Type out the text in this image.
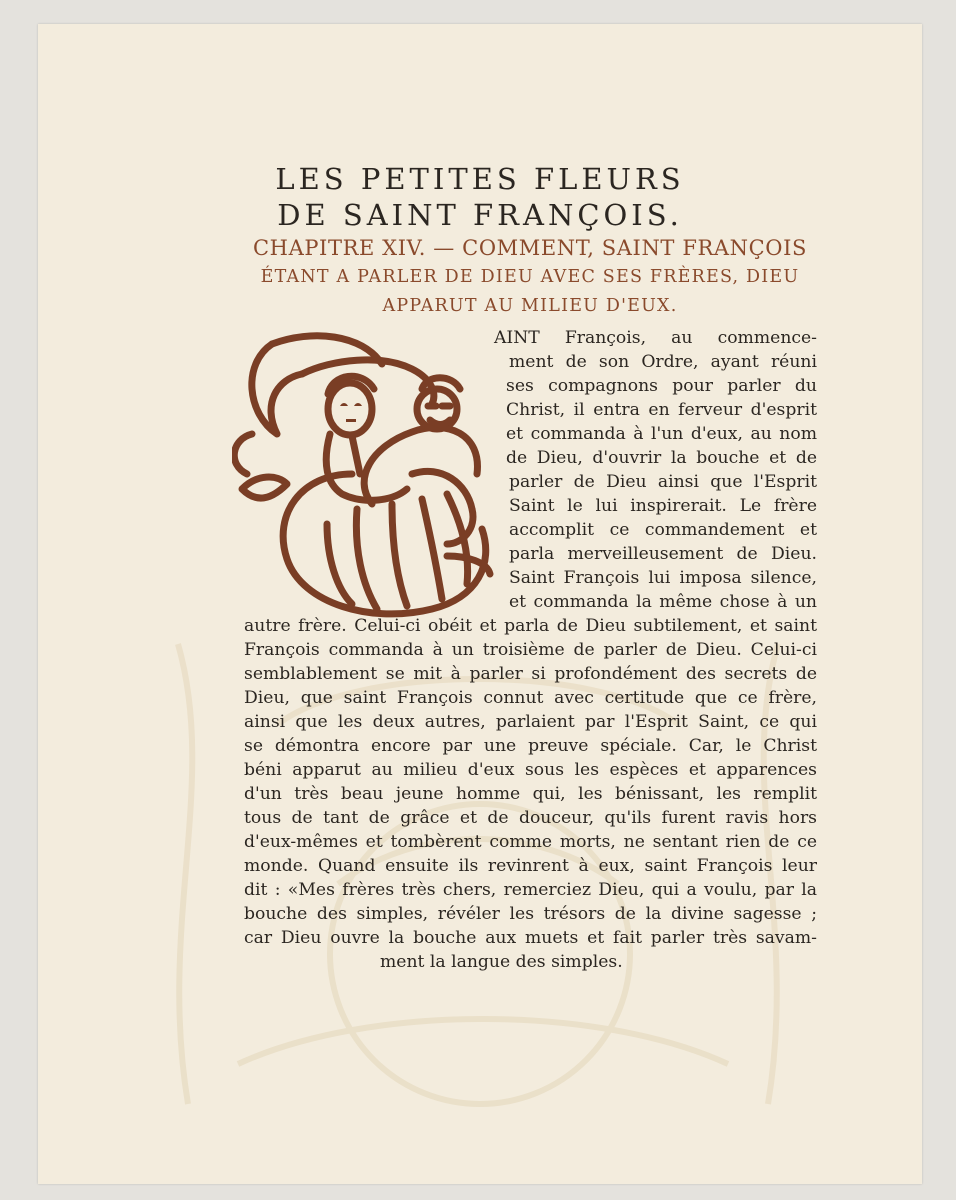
LES PETITES FLEURS
DE SAINT FRANÇOIS.
CHAPITRE XIV. — COMMENT, SAINT FRANÇOIS
ÉTANT A PARLER DE DIEU AVEC SES FRÈRES, DIEU
APPARUT AU MILIEU D'EUX.

AINT François, au commence-

ment de son Ordre, ayant réuni

ses compagnons pour parler du

Christ, il entra en ferveur d'esprit

et commanda à l'un d'eux, au nom

de Dieu, d'ouvrir la bouche et de

parler de Dieu ainsi que l'Esprit

Saint le lui inspirerait. Le frère

accomplit ce commandement et

parla merveilleusement de Dieu.

Saint François lui imposa silence,

et commanda la même chose à un

autre frère. Celui-ci obéit et parla de Dieu subtilement, et saint

François commanda à un troisième de parler de Dieu. Celui-ci

semblablement se mit à parler si profondément des secrets de

Dieu, que saint François connut avec certitude que ce frère,

ainsi que les deux autres, parlaient par l'Esprit Saint, ce qui

se démontra encore par une preuve spéciale. Car, le Christ

béni apparut au milieu d'eux sous les espèces et apparences

d'un très beau jeune homme qui, les bénissant, les remplit

tous de tant de grâce et de douceur, qu'ils furent ravis hors

d'eux-mêmes et tombèrent comme morts, ne sentant rien de ce

monde. Quand ensuite ils revinrent à eux, saint François leur

dit : «Mes frères très chers, remerciez Dieu, qui a voulu, par la

bouche des simples, révéler les trésors de la divine sagesse ;

car Dieu ouvre la bouche aux muets et fait parler très savam-

ment la langue des simples.
